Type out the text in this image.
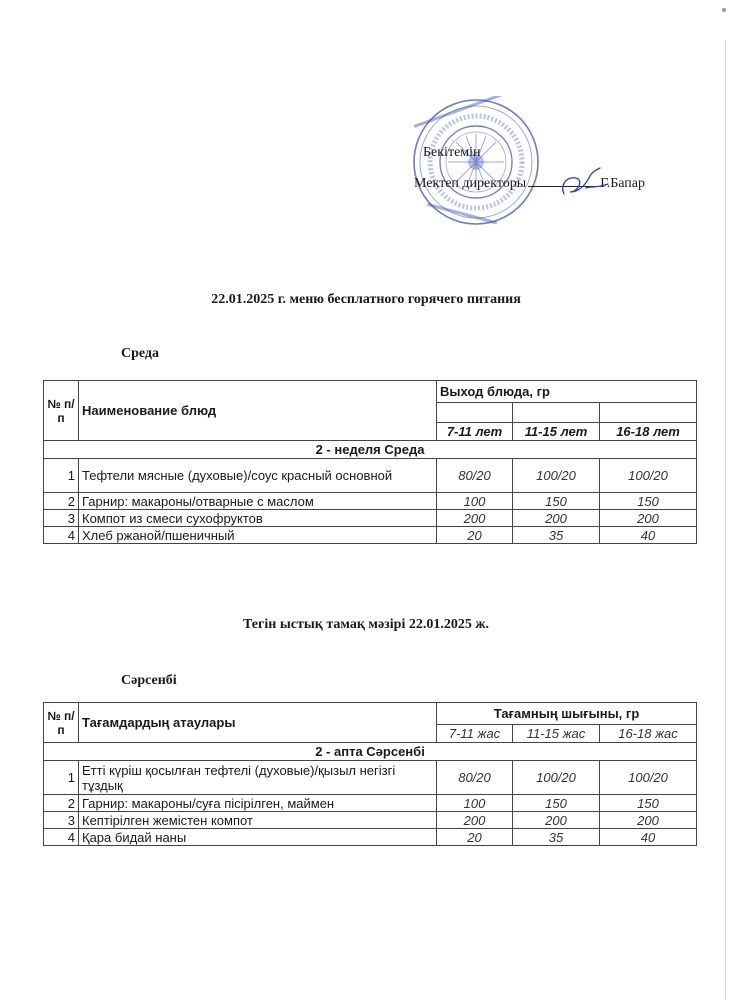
Бекітемін
Мектеп директоры	Г.Бапар
22.01.2025 г. меню бесплатного горячего питания
Среда
№ п/п	Наименование блюд	Выход блюда, гр		

		7-11 лет	11-15 лет	16-18 лет
2 - неделя Среда				
1	Тефтели мясные (духовые)/соус красный основной	80/20	100/20	100/20
2	Гарнир: макароны/отварные с маслом	100	150	150
3	Компот из смеси сухофруктов	200	200	200
4	Хлеб ржаной/пшеничный	20	35	40
Тегін ыстық тамақ мәзірі 22.01.2025 ж.
Сәрсенбі
№ п/п	Тағамдардың атаулары	Тағамның шығыны, гр		
		7-11 жас	11-15 жас	16-18 жас
2 - апта Сәрсенбі				
1	Етті күріш қосылған тефтелі (духовые)/қызыл негізгі тұздық	80/20	100/20	100/20
2	Гарнир: макароны/суға пісірілген, маймен	100	150	150
3	Кептірілген жемістен компот	200	200	200
4	Қара бидай наны	20	35	40
